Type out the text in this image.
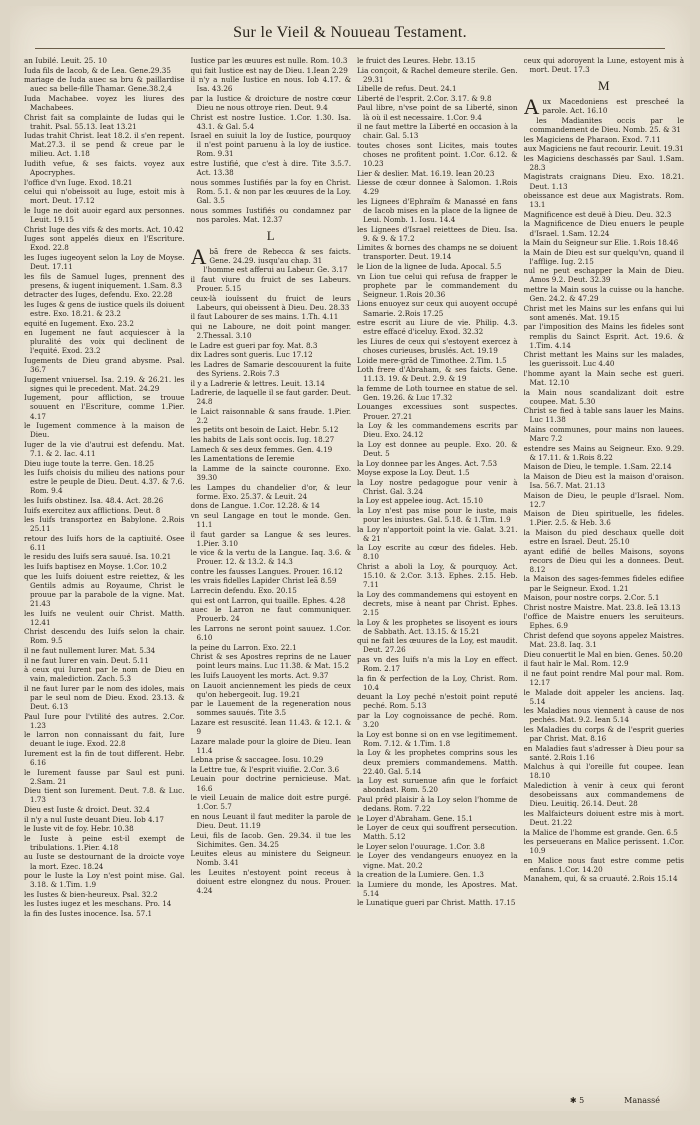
Sur le Vieil & Nouueau Testament.

an Iubilé. Leuit. 25. 10

Iuda fils de Iacob, & de Lea. Gene.29.35

mariage de Iuda auec sa bru & paillardise auec sa belle-fille Thamar. Gene.38.2,4

Iuda Machabee. voyez les liures des Machabees.

Christ fait sa complainte de Iudas qui le trahit. Psal. 55.13. Ieat 13.21

Iudas trahit Christ. Ieat 18.2. il s'en repent. Mat.27.3. il se pend & creue par le milieu. Act. 1.18

Iudith vefue, & ses faicts. voyez aux Apocryphes.

l'office d'vn Iuge. Exod. 18.21

celui qui n'obeissoit au Iuge, estoit mis à mort. Deut. 17.12

le Iuge ne doit auoir egard aux personnes. Leuit. 19.15

Christ Iuge des vifs & des morts. Act. 10.42

Iuges sont appelés dieux en l'Escriture. Exod. 22.8

les Iuges iugeoyent selon la Loy de Moyse. Deut. 17.11

les fils de Samuel Iuges, prennent des presens, & iugent iniquement. 1.Sam. 8.3

detracter des Iuges, defendu. Exo. 22.28

les Iuges & gens de iustice quels ils doiuent estre. Exo. 18.21. & 23.2

equité en Iugement. Exo. 23.2

en Iugement ne faut acquiescer à la pluralité des voix qui declinent de l'equité. Exod. 23.2

Iugements de Dieu grand abysme. Psal. 36.7

Iugement vniuersel. Isa. 2.19. & 26.21. les signes qui le precedent. Mat. 24.29

Iugement, pour affliction, se trouue souuent en l'Escriture, comme 1.Pier. 4.17

le Iugement commence à la maison de Dieu.

Iuger de la vie d'autrui est defendu. Mat. 7.1. & 2. Iac. 4.11

Dieu iuge toute la terre. Gen. 18.25

les Iuifs choisis du milieu des nations pour estre le peuple de Dieu. Deut. 4.37. & 7.6. Rom. 9.4

les Iuifs obstinez. Isa. 48.4. Act. 28.26

Iuifs exercitez aux afflictions. Deut. 8

les Iuifs transportez en Babylone. 2.Rois 25.11

retour des Iuifs hors de la captiuité. Osee 6.11

le residu des Iuifs sera sauué. Isa. 10.21

les Iuifs baptisez en Moyse. 1.Cor. 10.2

que les Iuifs doiuent estre reiettez, & les Gentils admis au Royaume, Christ le prouue par la parabole de la vigne. Mat. 21.43

les Iuifs ne veulent ouir Christ. Matth. 12.41

Christ descendu des Iuifs selon la chair. Rom. 9.5

il ne faut nullement Iurer. Mat. 5.34

il ne faut Iurer en vain. Deut. 5.11

à ceux qui Iurent par le nom de Dieu en vain, malediction. Zach. 5.3

il ne faut Iurer par le nom des idoles, mais par le seul nom de Dieu. Exod. 23.13. & Deut. 6.13

Paul Iure pour l'vtilité des autres. 2.Cor. 1.23

le larron non connaissant du fait, Iure deuant le iuge. Exod. 22.8

Iurement est la fin de tout different. Hebr. 6.16

le Iurement fausse par Saul est puni. 2.Sam. 21

Dieu tient son Iurement. Deut. 7.8. & Luc. 1.73

Dieu est Iuste & droict. Deut. 32.4

il n'y a nul Iuste deuant Dieu. Iob 4.17

le Iuste vit de foy. Hebr. 10.38

le Iuste à peine est-il exempt de tribulations. 1.Pier. 4.18

au Iuste se destournant de la droicte voye la mort. Ezec. 18.24

pour le Iuste la Loy n'est point mise. Gal. 3.18. & 1.Tim. 1.9

les Iustes & bien-heureux. Psal. 32.2

les Iustes iugez et les meschans. Pro. 14

la fin des Iustes inocence. Isa. 57.1

Iustice par les œuures est nulle. Rom. 10.3

qui fait Iustice est nay de Dieu. 1.Iean 2.29

il n'y a nulle Iustice en nous. Iob 4.17. & Isa. 43.26

par la Iustice & droicture de nostre cœur Dieu ne nous ottroye rien. Deut. 9.4

Christ est nostre Iustice. 1.Cor. 1.30. Isa. 43.1. & Gal. 5.4

Israel en suiuit la loy de Iustice, pourquoy il n'est point paruenu à la loy de iustice. Rom. 9.31

estre Iustifié, que c'est à dire. Tite 3.5.7. Act. 13.38

nous sommes Iustifiés par la foy en Christ. Rom. 5.1. & non par les œuures de la Loy. Gal. 3.5

nous sommes Iustifiés ou condamnez par nos paroles. Mat. 12.37

L

Abã frere de Rebecca & ses faicts. Gene. 24.29. iusqu'au chap. 31

l'homme est afferui au Labeur. Ge. 3.17

il faut viure du fruict de ses Labeurs. Prouer. 5.15

ceux-là iouïssent du fruict de leurs Labeurs, qui obeissent à Dieu. Deu. 28.33

il faut Labourer de ses mains. 1.Th. 4.11

qui ne Laboure, ne doit point manger. 2.Thessal. 3.10

le Ladre est gueri par foy. Mat. 8.3

dix Ladres sont gueris. Luc 17.12

les Ladres de Samarie descouurent la fuite des Syriens. 2.Rois 7.3

il y a Ladrerie & lettres. Leuit. 13.14

Ladrerie, de laquelle il se faut garder. Deut. 24.8

le Laict raisonnable & sans fraude. 1.Pier. 2.2

les petits ont besoin de Laict. Hebr. 5.12

les habits de Laïs sont occis. Iug. 18.27

Lamech & ses deux femmes. Gen. 4.19

les Lamentations de Ieremie

la Lamme de la saincte couronne. Exo. 39.30

les Lampes du chandelier d'or, & leur forme. Exo. 25.37. & Leuit. 24

dons de Langue. 1.Cor. 12.28. & 14

vn seul Langage en tout le monde. Gen. 11.1

il faut garder sa Langue & ses leures. 1.Pier. 3.10

le vice & la vertu de la Langue. Iaq. 3.6. & Prouer. 12. & 13.2. & 14.3

contre les fausses Langues. Prouer. 16.12

les vrais fidelles Lapider Christ Ieã 8.59

Larrecin defendu. Exo. 20.15

qui est ont Larron, qui tuaille. Ephes. 4.28

auec le Larron ne faut communiquer. Prouerb. 24

les Larrons ne seront point sauuez. 1.Cor. 6.10

la peine du Larron. Exo. 22.1

Christ & ses Apostres reprins de ne Lauer point leurs mains. Luc 11.38. & Mat. 15.2

les Iuifs Lauoyent les morts. Act. 9.37

on Lauoit anciennement les pieds de ceux qu'on hebergeoit. Iug. 19.21

par le Lauement de la regeneration nous sommes sauués. Tite 3.5

Lazare est resuscité. Iean 11.43. & 12.1. & 9

Lazare malade pour la gloire de Dieu. Iean 11.4

Lebna prise & saccagee. Iosu. 10.29

la Lettre tue, & l'esprit viuifie. 2.Cor. 3.6

Leuain pour doctrine pernicieuse. Mat. 16.6

le vieil Leuain de malice doit estre purgé. 1.Cor. 5.7

en nous Leuant il faut mediter la parole de Dieu. Deut. 11.19

Leui, fils de Iacob. Gen. 29.34. il tue les Sichimites. Gen. 34.25

Leuites eleus au ministere du Seigneur. Nomb. 3.41

les Leuites n'estoyent point receus à doiuent estre elongnez du nous. Prouer. 4.24

le fruict des Leures. Hebr. 13.15

Lia conçoit, & Rachel demeure sterile. Gen. 29.31

Libelle de refus. Deut. 24.1

Liberté de l'esprit. 2.Cor. 3.17. & 9.8

Paul libre, n'vse point de sa Liberté, sinon là où il est necessaire. 1.Cor. 9.4

il ne faut mettre la Liberté en occasion à la chair. Gal. 5.13

toutes choses sont Licites, mais toutes choses ne profitent point. 1.Cor. 6.12. & 10.23

Lier & deslier. Mat. 16.19. Iean 20.23

Liesse de cœur donnee à Salomon. 1.Rois 4.29

les Lignees d'Ephraïm & Manassé en fans de Iacob mises en la place de la lignee de Leui. Nomb. 1. Iosu. 14.4

les Lignees d'Israel reiettees de Dieu. Isa. 9. & 9. & 17.2

Limites & bornes des champs ne se doiuent transporter. Deut. 19.14

le Lion de la lignee de Iuda. Apocal. 5.5

vn Lion tue celui qui refusa de frapper le prophete par le commandement du Seigneur. 1.Rois 20.36

Lions enuoyez sur ceux qui auoyent occupé Samarie. 2.Rois 17.25

estre escrit au Liure de vie. Philip. 4.3. estre effacé d'iceluy. Exod. 32.32

les Liures de ceux qui s'estoyent exercez à choses curieuses, bruslés. Act. 19.19

Loide mere-grãd de Timothee. 2.Tim. 1.5

Loth frere d'Abraham, & ses faicts. Gene. 11.13. 19. & Deut. 2.9. & 19

la femme de Loth tournee en statue de sel. Gen. 19.26. & Luc 17.32

Louanges excessiues sont suspectes. Prouer. 27.21

la Loy & les commandemens escrits par Dieu. Exo. 24.12

la Loy est donnee au peuple. Exo. 20. & Deut. 5

la Loy donnee par les Anges. Act. 7.53

Moyse expose la Loy. Deut. 1.5

la Loy nostre pedagogue pour venir à Christ. Gal. 3.24

la Loy est appelee ioug. Act. 15.10

la Loy n'est pas mise pour le iuste, mais pour les iniustes. Gal. 5.18. & 1.Tim. 1.9

la Loy n'apportoit point la vie. Galat. 3.21. & 21

la Loy escrite au cœur des fideles. Heb. 8.10

Christ a aboli la Loy, & pourquoy. Act. 15.10. & 2.Cor. 3.13. Ephes. 2.15. Heb. 7.11

la Loy des commandemens qui estoyent en decrets, mise à neant par Christ. Ephes. 2.15

la Loy & les prophetes se lisoyent es iours de Sabbath. Act. 13.15. & 15.21

qui ne fait les œuures de la Loy, est maudit. Deut. 27.26

pas vn des Iuifs n'a mis la Loy en effect. Rom. 2.17

la fin & perfection de la Loy, Christ. Rom. 10.4

deuant la Loy peché n'estoit point reputé peché. Rom. 5.13

par la Loy cognoissance de peché. Rom. 3.20

la Loy est bonne si on en vse legitimement. Rom. 7.12. & 1.Tim. 1.8

la Loy & les prophetes comprins sous les deux premiers commandemens. Matth. 22.40. Gal. 5.14

la Loy est suruenue afin que le forfaict abondast. Rom. 5.20

Paul prêd plaisir à la Loy selon l'homme de dedans. Rom. 7.22

le Loyer d'Abraham. Gene. 15.1

le Loyer de ceux qui souffrent persecution. Matth. 5.12

le Loyer selon l'ouurage. 1.Cor. 3.8

le Loyer des vendangeurs enuoyez en la vigne. Mat. 20.2

la creation de la Lumiere. Gen. 1.3

la Lumiere du monde, les Apostres. Mat. 5.14

le Lunatique gueri par Christ. Matth. 17.15

ceux qui adoroyent la Lune, estoyent mis à mort. Deut. 17.3

M

Aux Macedoniens est prescheé la parole. Act. 16.10

les Madianites occis par le commandement de Dieu. Nomb. 25. & 31

les Magiciens de Pharaon. Exod. 7.11

aux Magiciens ne faut recourir. Leuit. 19.31

les Magiciens deschassés par Saul. 1.Sam. 28.3

Magistrats craignans Dieu. Exo. 18.21. Deut. 1.13

obeissance est deue aux Magistrats. Rom. 13.1

Magnificence est deuë à Dieu. Deu. 32.3

la Magnificence de Dieu enuers le peuple d'Israel. 1.Sam. 12.24

la Main du Seigneur sur Elie. 1.Rois 18.46

la Main de Dieu est sur quelqu'vn, quand il l'afflige. Iug. 2.15

nul ne peut eschapper la Main de Dieu. Amos 9.2. Deut. 32.39

mettre la Main sous la cuisse ou la hanche. Gen. 24.2. & 47.29

Christ met les Mains sur les enfans qui lui sont amenés. Mat. 19.15

par l'imposition des Mains les fideles sont remplis du Sainct Esprit. Act. 19.6. & 1.Tim. 4.14

Christ mettant les Mains sur les malades, les guerissoit. Luc 4.40

l'homme ayant la Main seche est gueri. Mat. 12.10

la Main nous scandalizant doit estre coupee. Mat. 5.30

Christ se fied à table sans lauer les Mains. Luc 11.38

Mains communes, pour mains non lauees. Marc 7.2

estendre ses Mains au Seigneur. Exo. 9.29. & 17.11. & 1.Rois 8.22

Maison de Dieu, le temple. 1.Sam. 22.14

la Maison de Dieu est la maison d'oraison. Isa. 56.7. Mat. 21.13

Maison de Dieu, le peuple d'Israel. Nom. 12.7

Maison de Dieu spirituelle, les fideles. 1.Pier. 2.5. & Heb. 3.6

la Maison du pied deschaux quelle doit estre en Israel. Deut. 25.10

ayant edifié de belles Maisons, soyons recors de Dieu qui les a donnees. Deut. 8.12

la Maison des sages-femmes fideles edifiee par le Seigneur. Exod. 1.21

Maison, pour nostre corps. 2.Cor. 5.1

Christ nostre Maistre. Mat. 23.8. Ieã 13.13

l'office de Maistre enuers les seruiteurs. Ephes. 6.9

Christ defend que soyons appelez Maistres. Mat. 23.8. Iaq. 3.1

Dieu conuertit le Mal en bien. Genes. 50.20

il faut haïr le Mal. Rom. 12.9

il ne faut point rendre Mal pour mal. Rom. 12.17

le Malade doit appeler les anciens. Iaq. 5.14

les Maladies nous viennent à cause de nos pechés. Mat. 9.2. Iean 5.14

les Maladies du corps & de l'esprit gueries par Christ. Mat. 8.16

en Maladies faut s'adresser à Dieu pour sa santé. 2.Rois 1.16

Malchus à qui l'oreille fut coupee. Iean 18.10

Malediction à venir à ceux qui feront desobeissans aux commandemens de Dieu. Leuitiq. 26.14. Deut. 28

les Malfaicteurs doiuent estre mis à mort. Deut. 21.22

la Malice de l'homme est grande. Gen. 6.5

les perseuerans en Malice perissent. 1.Cor. 10.9

en Malice nous faut estre comme petis enfans. 1.Cor. 14.20

Manahem, qui, & sa cruauté. 2.Rois 15.14

✱ 5	Manassé
